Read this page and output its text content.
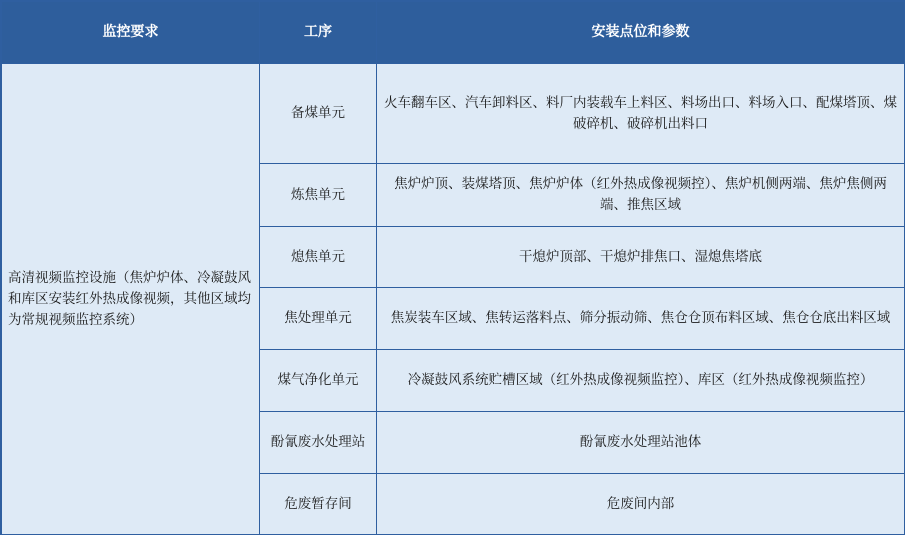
监控要求	工序	安装点位和参数
高清视频监控设施（焦炉炉体、冷凝鼓风和库区安装红外热成像视频，其他区域均为常规视频监控系统）	备煤单元	火车翻车区、汽车卸料区、料厂内装载车上料区、料场出口、料场入口、配煤塔顶、煤破碎机、破碎机出料口
	炼焦单元	焦炉炉顶、装煤塔顶、焦炉炉体（红外热成像视频控）、焦炉机侧两端、焦炉焦侧两端、推焦区域
	熄焦单元	干熄炉顶部、干熄炉排焦口、湿熄焦塔底
	焦处理单元	焦炭装车区域、焦转运落料点、筛分振动筛、焦仓仓顶布料区域、焦仓仓底出料区域
	煤气净化单元	冷凝鼓风系统贮槽区域（红外热成像视频监控）、库区（红外热成像视频监控）
	酚氰废水处理站	酚氰废水处理站池体
	危废暂存间	危废间内部
